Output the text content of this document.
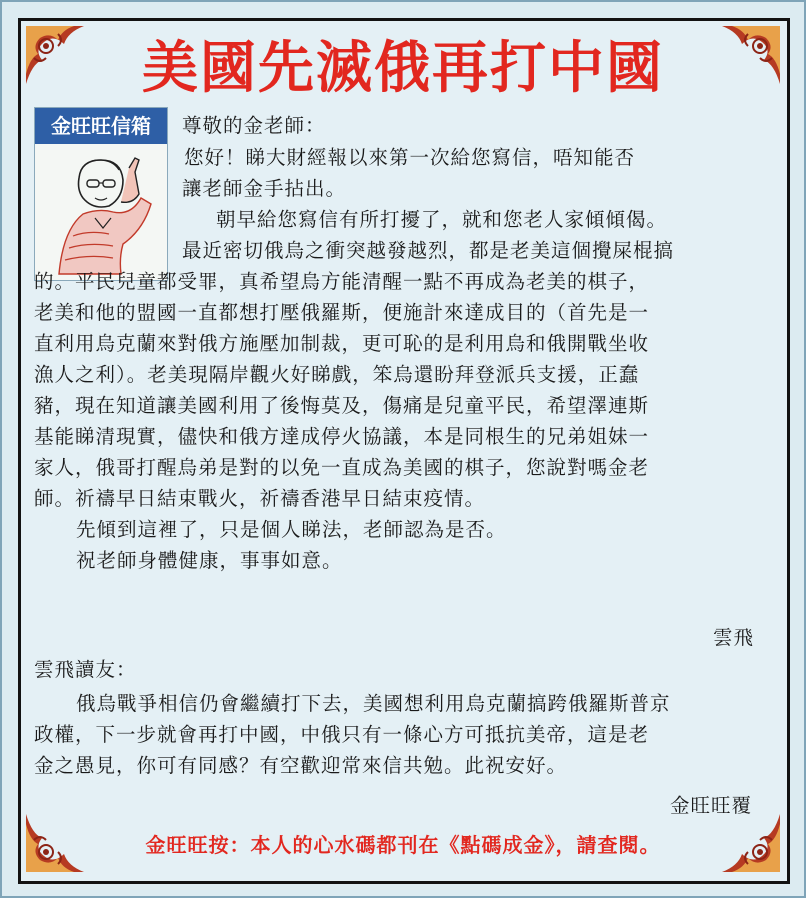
美國先滅俄再打中國
金旺旺信箱	尊敬的金老師：

您好！睇大財經報以來第一次給您寫信，唔知能否
讓老師金手拈出。
朝早給您寫信有所打擾了，就和您老人家傾傾偈。
最近密切俄烏之衝突越發越烈，都是老美這個攪屎棍搞
的。平民兒童都受罪，真希望烏方能清醒一點不再成為老美的棋子，
老美和他的盟國一直都想打壓俄羅斯，便施計來達成目的（首先是一
直利用烏克蘭來對俄方施壓加制裁，更可恥的是利用烏和俄開戰坐收
漁人之利）。老美現隔岸觀火好睇戲，笨烏還盼拜登派兵支援，正蠢
豬，現在知道讓美國利用了後悔莫及，傷痛是兒童平民，希望澤連斯
基能睇清現實，儘快和俄方達成停火協議，本是同根生的兄弟姐妹一
家人，俄哥打醒烏弟是對的以免一直成為美國的棋子，您說對嗎金老
師。祈禱早日結束戰火，祈禱香港早日結束疫情。
先傾到這裡了，只是個人睇法，老師認為是否。
祝老師身體健康，事事如意。

雲飛

雲飛讀友：

俄烏戰爭相信仍會繼續打下去，美國想利用烏克蘭搞跨俄羅斯普京
政權，下一步就會再打中國，中俄只有一條心方可抵抗美帝，這是老
金之愚見，你可有同感？有空歡迎常來信共勉。此祝安好。

金旺旺覆

金旺旺按：本人的心水碼都刊在《點碼成金》，請查閱。
